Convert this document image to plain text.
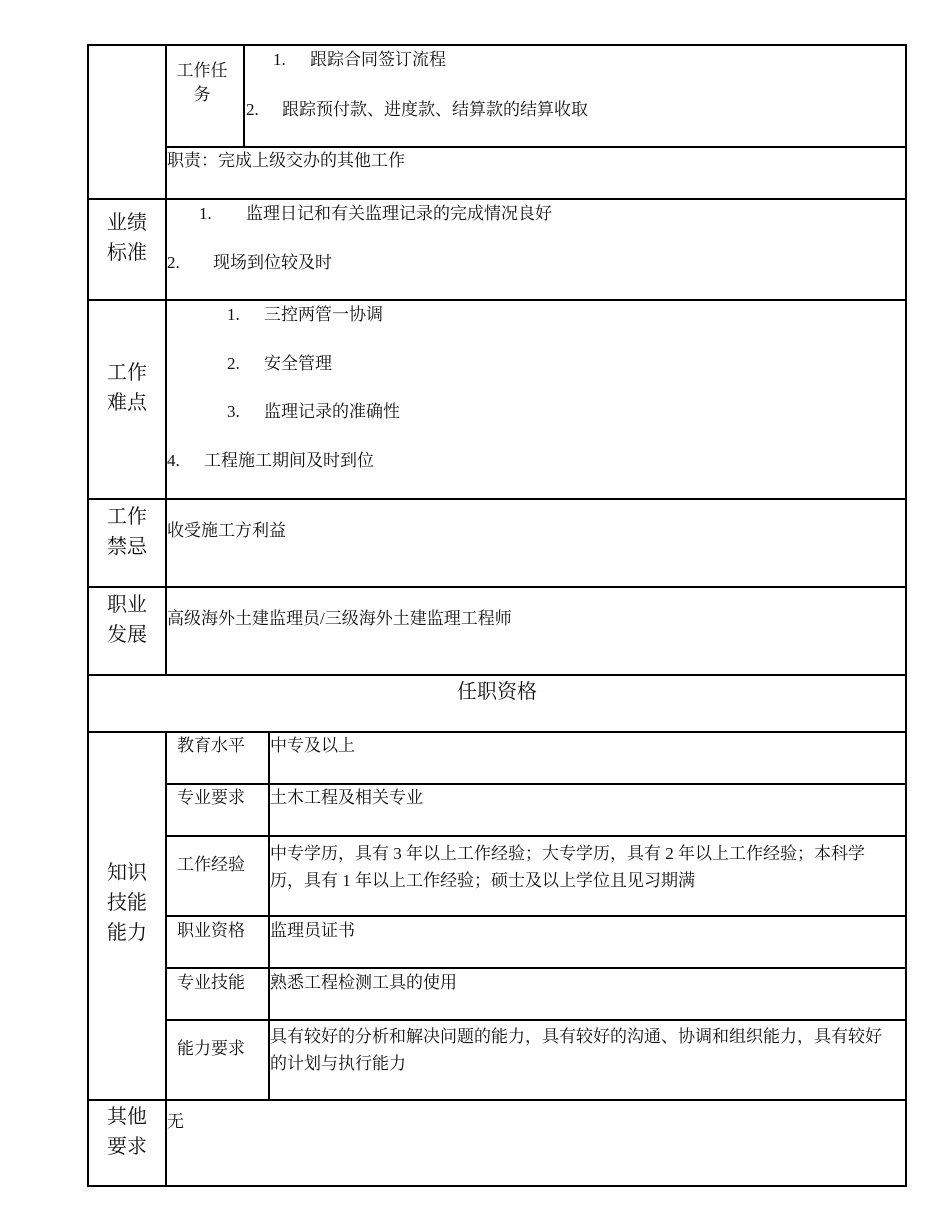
工作任务
1. 跟踪合同签订流程
2. 跟踪预付款、进度款、结算款的结算收取
职责：完成上级交办的其他工作
业绩标准
1. 监理日记和有关监理记录的完成情况良好
2. 现场到位较及时
工作难点
1. 三控两管一协调
2. 安全管理
3. 监理记录的准确性
4. 工程施工期间及时到位
工作禁忌
收受施工方利益
职业发展
高级海外土建监理员/三级海外土建监理工程师
任职资格
知识技能能力
教育水平 中专及以上
专业要求 土木工程及相关专业
工作经验
中专学历，具有 3 年以上工作经验；大专学历，具有 2 年以上工作经验；本科学历，具有 1 年以上工作经验；硕士及以上学位且见习期满
职业资格 监理员证书
专业技能 熟悉工程检测工具的使用
能力要求
具有较好的分析和解决问题的能力，具有较好的沟通、协调和组织能力，具有较好的计划与执行能力
其他要求
无
